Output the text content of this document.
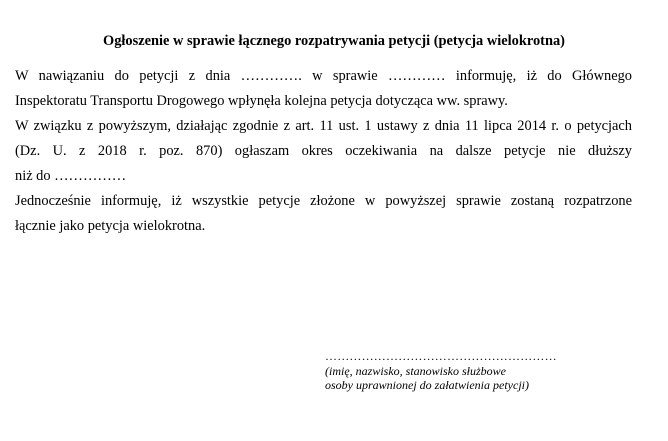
Ogłoszenie w sprawie łącznego rozpatrywania petycji (petycja wielokrotna)
W nawiązaniu do petycji z dnia …………. w sprawie ………… informuję, iż do Głównego
Inspektoratu Transportu Drogowego wpłynęła kolejna petycja dotycząca ww. sprawy.
W związku z powyższym, działając zgodnie z art. 11 ust. 1 ustawy z dnia 11 lipca 2014 r. o petycjach
(Dz. U. z 2018 r. poz. 870) ogłaszam okres oczekiwania na dalsze petycje nie dłuższy
niż do ……………
Jednocześnie informuję, iż wszystkie petycje złożone w powyższej sprawie zostaną rozpatrzone
łącznie jako petycja wielokrotna.
…………………………………………………
(imię, nazwisko, stanowisko służbowe
osoby uprawnionej do załatwienia petycji)
